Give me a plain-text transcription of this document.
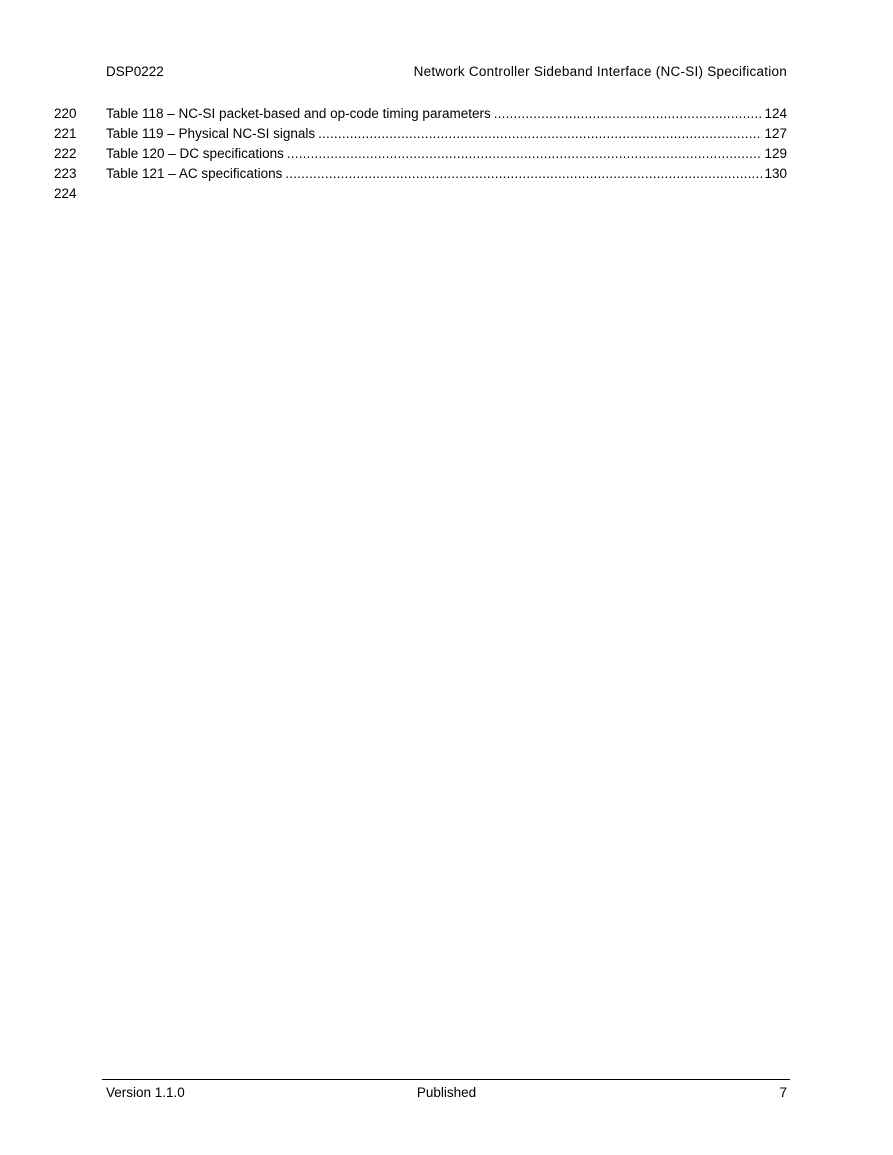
DSP0222	Network Controller Sideband Interface (NC-SI) Specification
220	Table 118 – NC-SI packet-based and op-code timing parameters .....	124
221	Table 119 – Physical NC-SI signals .....	127
222	Table 120 – DC specifications .....	129
223	Table 121 – AC specifications .....	130
224
Version 1.1.0	Published	7
